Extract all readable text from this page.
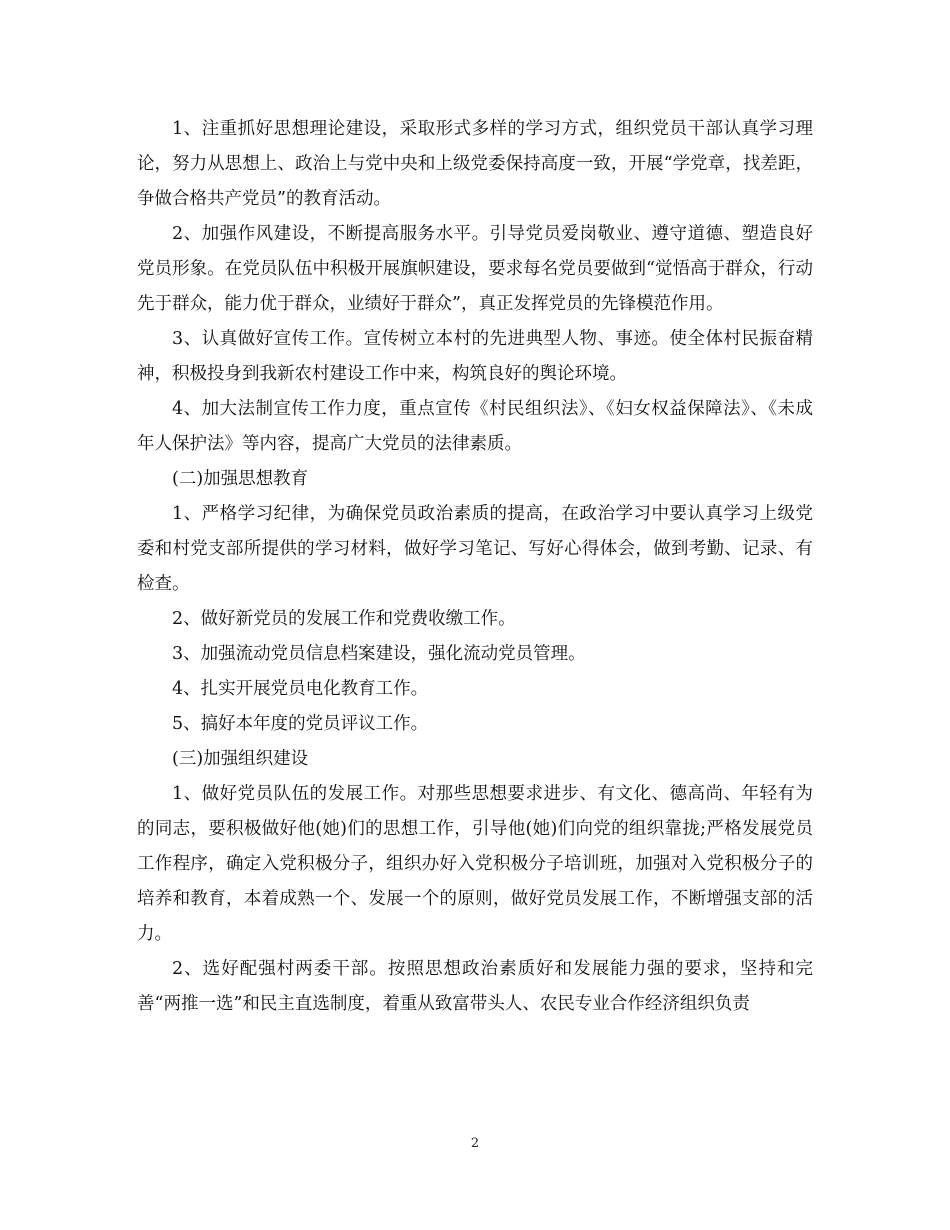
1、注重抓好思想理论建设，采取形式多样的学习方式，组织党员干部认真学习理论，努力从思想上、政治上与党中央和上级党委保持高度一致，开展“学党章，找差距，争做合格共产党员”的教育活动。

2、加强作风建设，不断提高服务水平。引导党员爱岗敬业、遵守道德、塑造良好党员形象。在党员队伍中积极开展旗帜建设，要求每名党员要做到“觉悟高于群众，行动先于群众，能力优于群众，业绩好于群众”，真正发挥党员的先锋模范作用。

3、认真做好宣传工作。宣传树立本村的先进典型人物、事迹。使全体村民振奋精神，积极投身到我新农村建设工作中来，构筑良好的舆论环境。

4、加大法制宣传工作力度，重点宣传《村民组织法》、《妇女权益保障法》、《未成年人保护法》等内容，提高广大党员的法律素质。

(二)加强思想教育

1、严格学习纪律，为确保党员政治素质的提高，在政治学习中要认真学习上级党委和村党支部所提供的学习材料，做好学习笔记、写好心得体会，做到考勤、记录、有检查。

2、做好新党员的发展工作和党费收缴工作。

3、加强流动党员信息档案建设，强化流动党员管理。

4、扎实开展党员电化教育工作。

5、搞好本年度的党员评议工作。

(三)加强组织建设

1、做好党员队伍的发展工作。对那些思想要求进步、有文化、德高尚、年轻有为的同志，要积极做好他(她)们的思想工作，引导他(她)们向党的组织靠拢;严格发展党员工作程序，确定入党积极分子，组织办好入党积极分子培训班，加强对入党积极分子的培养和教育，本着成熟一个、发展一个的原则，做好党员发展工作，不断增强支部的活力。

2、选好配强村两委干部。按照思想政治素质好和发展能力强的要求，坚持和完善“两推一选”和民主直选制度，着重从致富带头人、农民专业合作经济组织负责

2
